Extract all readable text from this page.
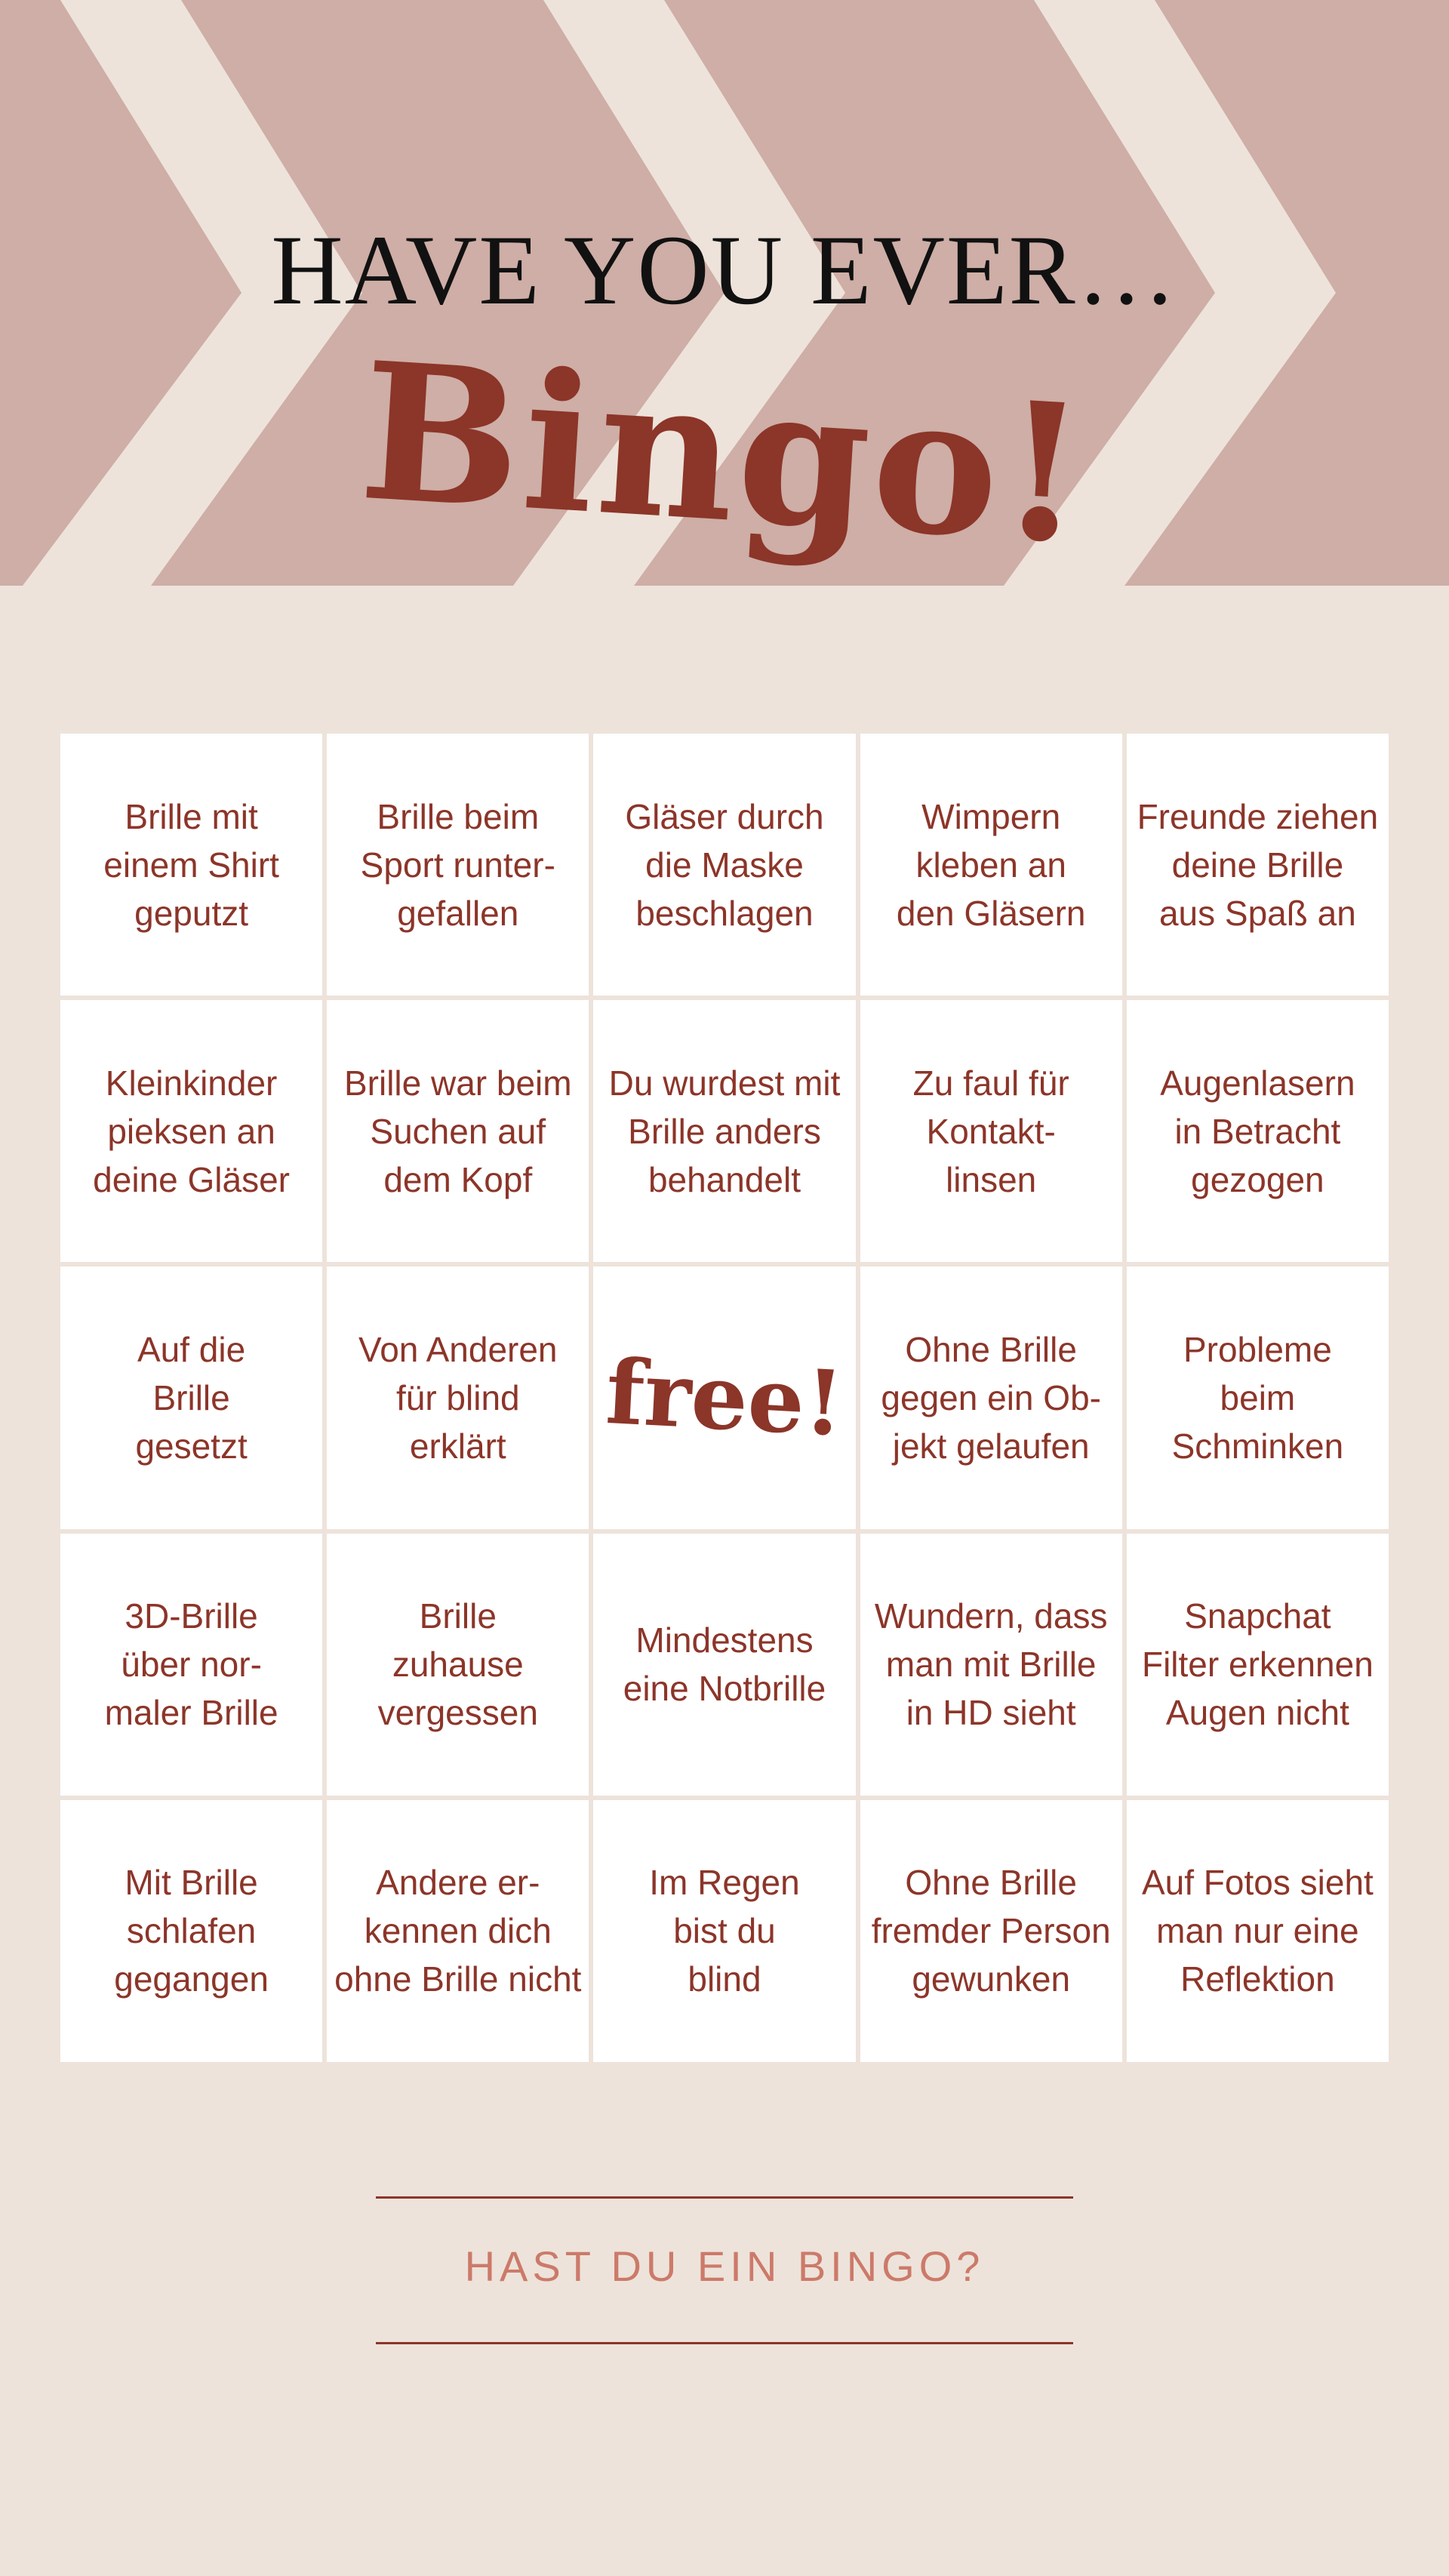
HAVE YOU EVER…
Bingo!
Brille mit
einem Shirt
geputzt
Brille beim
Sport runter-
gefallen
Gläser durch
die Maske
beschlagen
Wimpern
kleben an
den Gläsern
Freunde ziehen
deine Brille
aus Spaß an
Kleinkinder
pieksen an
deine Gläser
Brille war beim
Suchen auf
dem Kopf
Du wurdest mit
Brille anders
behandelt
Zu faul für
Kontakt-
linsen
Augenlasern
in Betracht
gezogen
Auf die
Brille
gesetzt
Von Anderen
für blind
erklärt	free!	Ohne Brille
gegen ein Ob-
jekt gelaufen
Probleme
beim
Schminken
3D-Brille
über nor-
maler Brille
Brille
zuhause
vergessen
Mindestens
eine Notbrille
Wundern, dass
man mit Brille
in HD sieht
Snapchat
Filter erkennen
Augen nicht
Mit Brille
schlafen
gegangen
Andere er-
kennen dich
ohne Brille nicht
Im Regen
bist du
blind
Ohne Brille
fremder Person
gewunken
Auf Fotos sieht
man nur eine
Reflektion
HAST DU EIN BINGO?
